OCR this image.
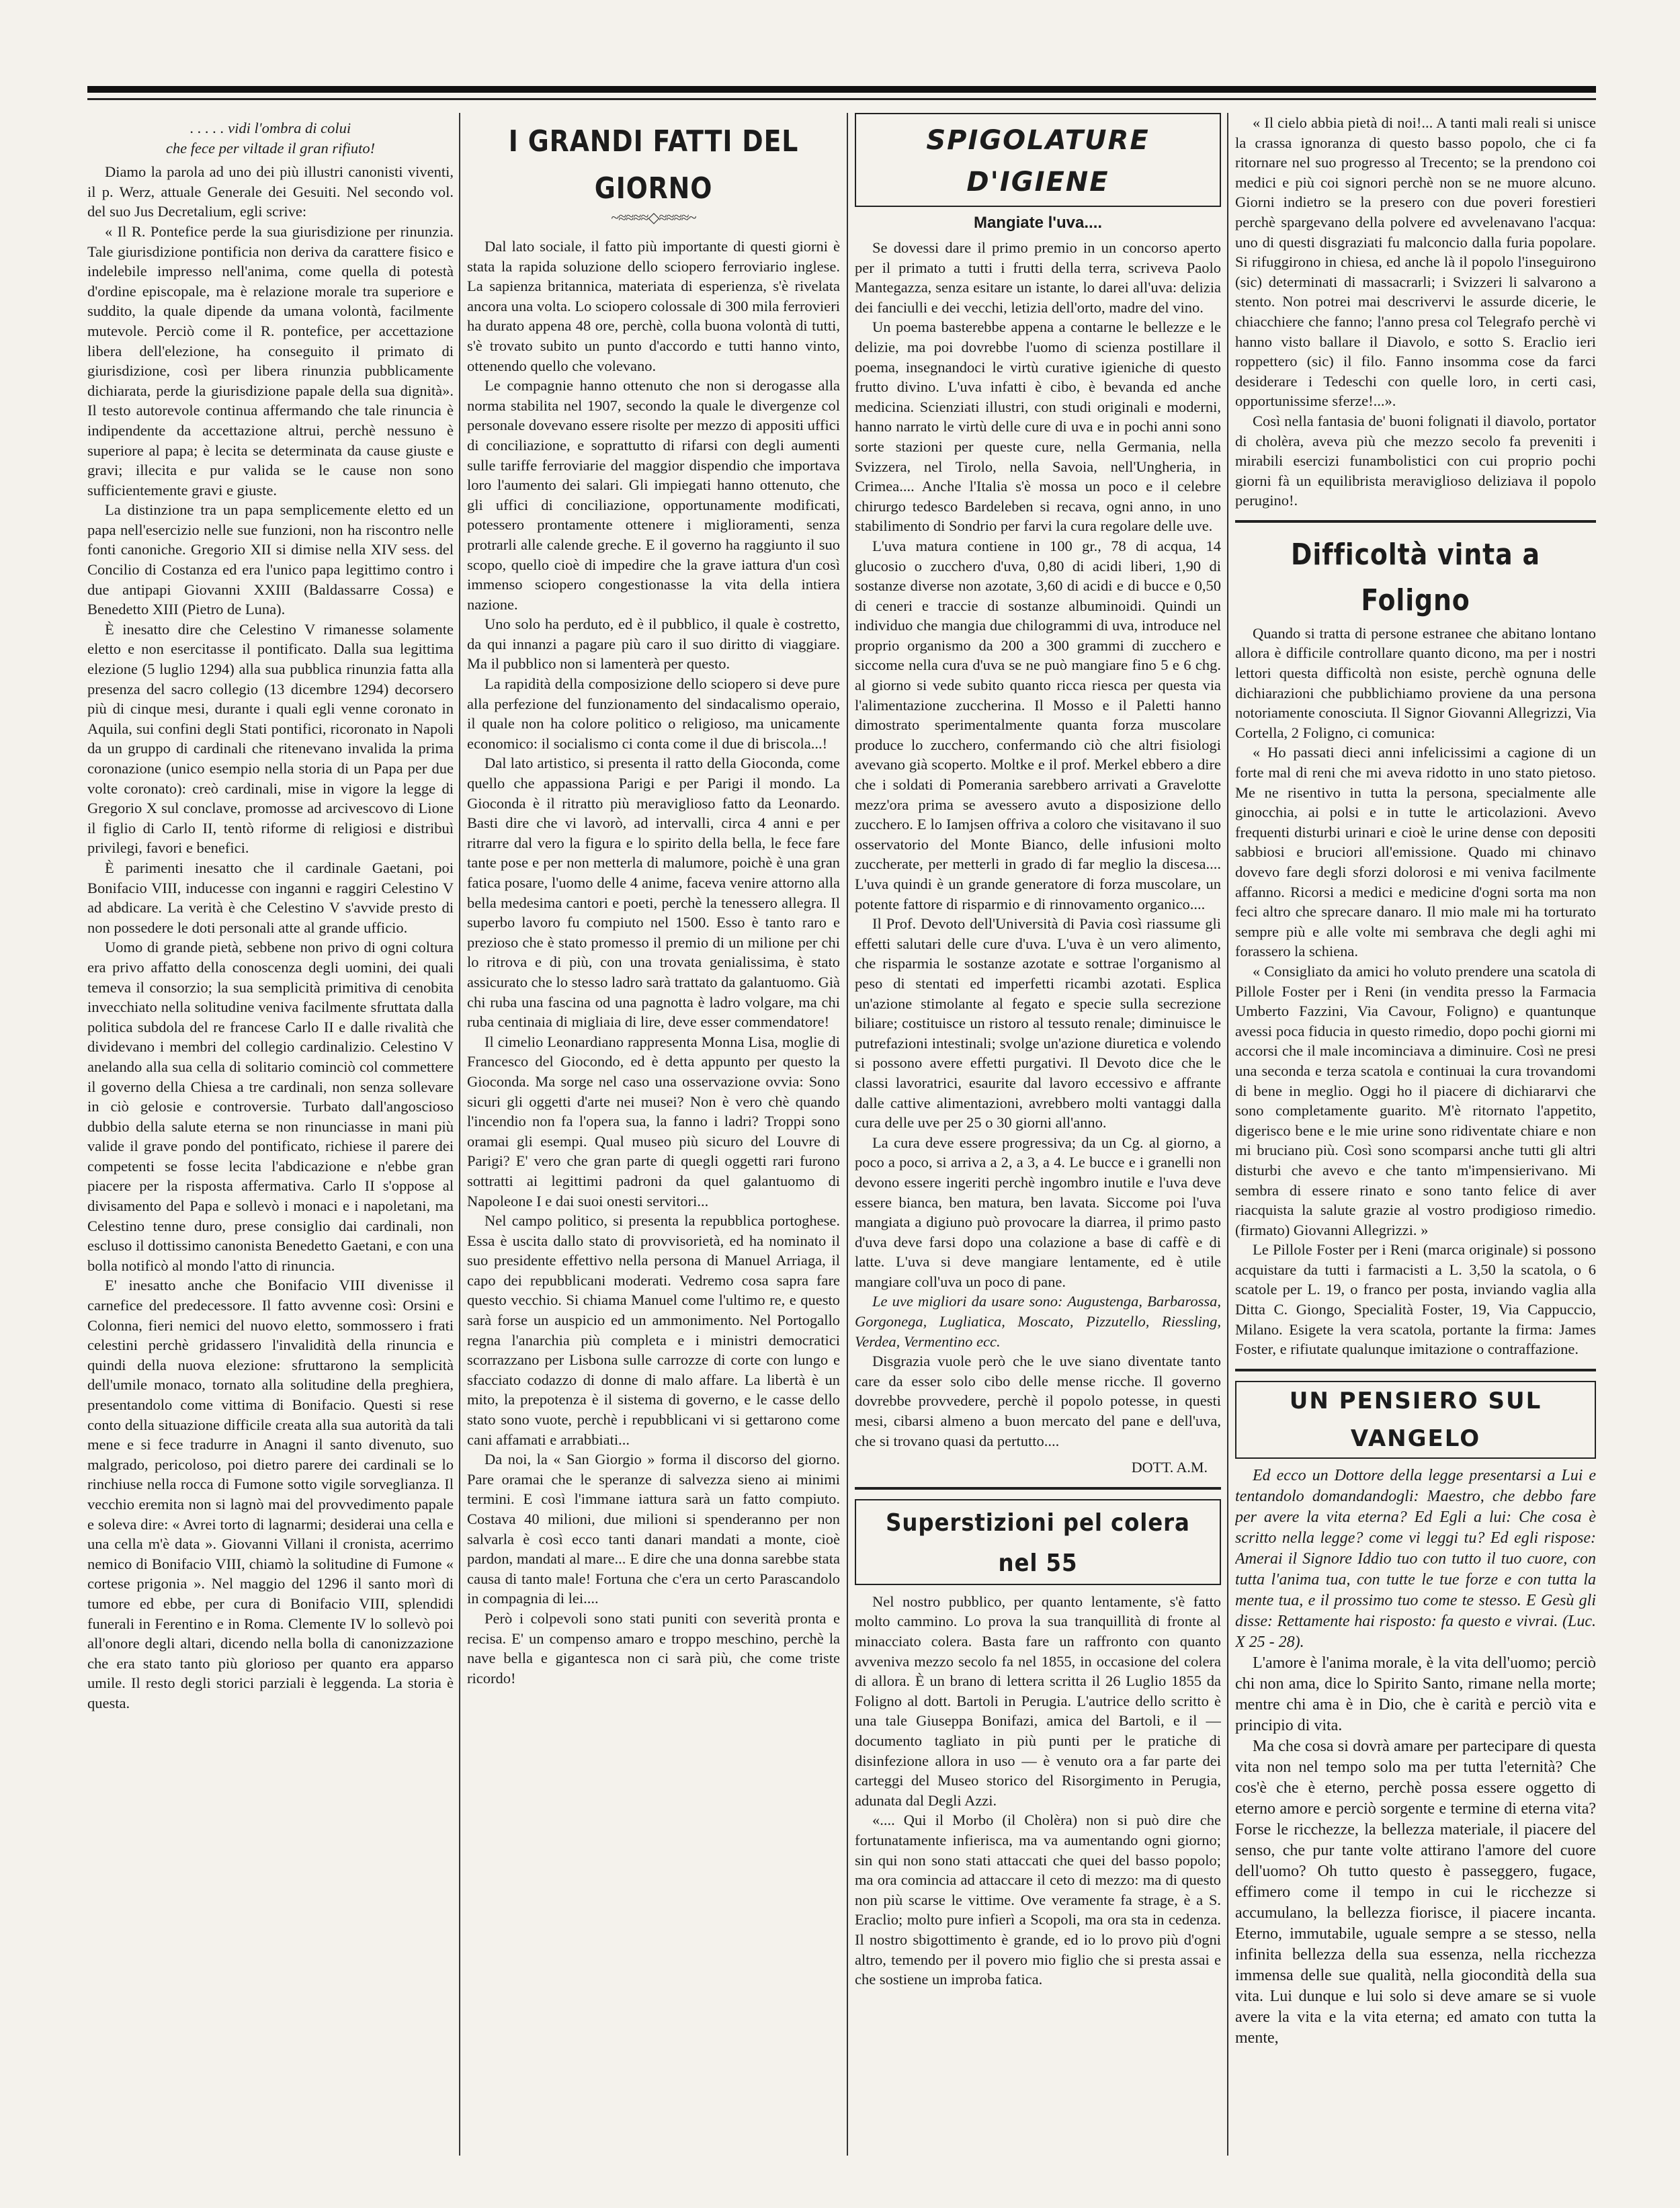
. . . . . vidi l'ombra di colui

che fece per viltade il gran rifiuto!

Diamo la parola ad uno dei più illustri canonisti viventi, il p. Werz, attuale Generale dei Gesuiti. Nel secondo vol. del suo Jus Decretalium, egli scrive:

« Il R. Pontefice perde la sua giurisdizione per rinunzia. Tale giurisdizione pontificia non deriva da carattere fisico e indelebile impresso nell'anima, come quella di potestà d'ordine episcopale, ma è relazione morale tra superiore e suddito, la quale dipende da umana volontà, facilmente mutevole. Perciò come il R. pontefice, per accettazione libera dell'elezione, ha conseguito il primato di giurisdizione, così per libera rinunzia pubblicamente dichiarata, perde la giurisdizione papale della sua dignità». Il testo autorevole continua affermando che tale rinuncia è indipendente da accettazione altrui, perchè nessuno è superiore al papa; è lecita se determinata da cause giuste e gravi; illecita e pur valida se le cause non sono sufficientemente gravi e giuste.

La distinzione tra un papa semplicemente eletto ed un papa nell'esercizio nelle sue funzioni, non ha riscontro nelle fonti canoniche. Gregorio XII si dimise nella XIV sess. del Concilio di Costanza ed era l'unico papa legittimo contro i due antipapi Giovanni XXIII (Baldassarre Cossa) e Benedetto XIII (Pietro de Luna).

È inesatto dire che Celestino V rimanesse solamente eletto e non esercitasse il pontificato. Dalla sua legittima elezione (5 luglio 1294) alla sua pubblica rinunzia fatta alla presenza del sacro collegio (13 dicembre 1294) decorsero più di cinque mesi, durante i quali egli venne coronato in Aquila, sui confini degli Stati pontifici, ricoronato in Napoli da un gruppo di cardinali che ritenevano invalida la prima coronazione (unico esempio nella storia di un Papa per due volte coronato): creò cardinali, mise in vigore la legge di Gregorio X sul conclave, promosse ad arcivescovo di Lione il figlio di Carlo II, tentò riforme di religiosi e distribuì privilegi, favori e benefici.

È parimenti inesatto che il cardinale Gaetani, poi Bonifacio VIII, inducesse con inganni e raggiri Celestino V ad abdicare. La verità è che Celestino V s'avvide presto di non possedere le doti personali atte al grande ufficio.

Uomo di grande pietà, sebbene non privo di ogni coltura era privo affatto della conoscenza degli uomini, dei quali temeva il consorzio; la sua semplicità primitiva di cenobita invecchiato nella solitudine veniva facilmente sfruttata dalla politica subdola del re francese Carlo II e dalle rivalità che dividevano i membri del collegio cardinalizio. Celestino V anelando alla sua cella di solitario cominciò col commettere il governo della Chiesa a tre cardinali, non senza sollevare in ciò gelosie e controversie. Turbato dall'angoscioso dubbio della salute eterna se non rinunciasse in mani più valide il grave pondo del pontificato, richiese il parere dei competenti se fosse lecita l'abdicazione e n'ebbe gran piacere per la risposta affermativa. Carlo II s'oppose al divisamento del Papa e sollevò i monaci e i napoletani, ma Celestino tenne duro, prese consiglio dai cardinali, non escluso il dottissimo canonista Benedetto Gaetani, e con una bolla notificò al mondo l'atto di rinuncia.

E' inesatto anche che Bonifacio VIII divenisse il carnefice del predecessore. Il fatto avvenne così: Orsini e Colonna, fieri nemici del nuovo eletto, sommossero i frati celestini perchè gridassero l'invalidità della rinuncia e quindi della nuova elezione: sfruttarono la semplicità dell'umile monaco, tornato alla solitudine della preghiera, presentandolo come vittima di Bonifacio. Questi si rese conto della situazione difficile creata alla sua autorità da tali mene e si fece tradurre in Anagni il santo divenuto, suo malgrado, pericoloso, poi dietro parere dei cardinali se lo rinchiuse nella rocca di Fumone sotto vigile sorveglianza. Il vecchio eremita non si lagnò mai del provvedimento papale e soleva dire: « Avrei torto di lagnarmi; desiderai una cella e una cella m'è data ». Giovanni Villani il cronista, acerrimo nemico di Bonifacio VIII, chiamò la solitudine di Fumone « cortese prigonia ». Nel maggio del 1296 il santo morì di tumore ed ebbe, per cura di Bonifacio VIII, splendidi funerali in Ferentino e in Roma. Clemente IV lo sollevò poi all'onore degli altari, dicendo nella bolla di canonizzazione che era stato tanto più glorioso per quanto era apparso umile. Il resto degli storici parziali è leggenda. La storia è questa.

I GRANDI FATTI DEL GIORNO
~≈≈≈≈◇≈≈≈≈~

Dal lato sociale, il fatto più importante di questi giorni è stata la rapida soluzione dello sciopero ferroviario inglese. La sapienza britannica, materiata di esperienza, s'è rivelata ancora una volta. Lo sciopero colossale di 300 mila ferrovieri ha durato appena 48 ore, perchè, colla buona volontà di tutti, s'è trovato subito un punto d'accordo e tutti hanno vinto, ottenendo quello che volevano.

Le compagnie hanno ottenuto che non si derogasse alla norma stabilita nel 1907, secondo la quale le divergenze col personale dovevano essere risolte per mezzo di appositi uffici di conciliazione, e soprattutto di rifarsi con degli aumenti sulle tariffe ferroviarie del maggior dispendio che importava loro l'aumento dei salari. Gli impiegati hanno ottenuto, che gli uffici di conciliazione, opportunamente modificati, potessero prontamente ottenere i miglioramenti, senza protrarli alle calende greche. E il governo ha raggiunto il suo scopo, quello cioè di impedire che la grave iattura d'un così immenso sciopero congestionasse la vita della intiera nazione.

Uno solo ha perduto, ed è il pubblico, il quale è costretto, da qui innanzi a pagare più caro il suo diritto di viaggiare. Ma il pubblico non si lamenterà per questo.

La rapidità della composizione dello sciopero si deve pure alla perfezione del funzionamento del sindacalismo operaio, il quale non ha colore politico o religioso, ma unicamente economico: il socialismo ci conta come il due di briscola...!

Dal lato artistico, si presenta il ratto della Gioconda, come quello che appassiona Parigi e per Parigi il mondo. La Gioconda è il ritratto più meraviglioso fatto da Leonardo. Basti dire che vi lavorò, ad intervalli, circa 4 anni e per ritrarre dal vero la figura e lo spirito della bella, le fece fare tante pose e per non metterla di malumore, poichè è una gran fatica posare, l'uomo delle 4 anime, faceva venire attorno alla bella medesima cantori e poeti, perchè la tenessero allegra. Il superbo lavoro fu compiuto nel 1500. Esso è tanto raro e prezioso che è stato promesso il premio di un milione per chi lo ritrova e di più, con una trovata genialissima, è stato assicurato che lo stesso ladro sarà trattato da galantuomo. Già chi ruba una fascina od una pagnotta è ladro volgare, ma chi ruba centinaia di migliaia di lire, deve esser commendatore!

Il cimelio Leonardiano rappresenta Monna Lisa, moglie di Francesco del Giocondo, ed è detta appunto per questo la Gioconda. Ma sorge nel caso una osservazione ovvia: Sono sicuri gli oggetti d'arte nei musei? Non è vero chè quando l'incendio non fa l'opera sua, la fanno i ladri? Troppi sono oramai gli esempi. Qual museo più sicuro del Louvre di Parigi? E' vero che gran parte di quegli oggetti rari furono sottratti ai legittimi padroni da quel galantuomo di Napoleone I e dai suoi onesti servitori...

Nel campo politico, si presenta la repubblica portoghese. Essa è uscita dallo stato di provvisorietà, ed ha nominato il suo presidente effettivo nella persona di Manuel Arriaga, il capo dei repubblicani moderati. Vedremo cosa sapra fare questo vecchio. Si chiama Manuel come l'ultimo re, e questo sarà forse un auspicio ed un ammonimento. Nel Portogallo regna l'anarchia più completa e i ministri democratici scorrazzano per Lisbona sulle carrozze di corte con lungo e sfacciato codazzo di donne di malo affare. La libertà è un mito, la prepotenza è il sistema di governo, e le casse dello stato sono vuote, perchè i repubblicani vi si gettarono come cani affamati e arrabbiati...

Da noi, la « San Giorgio » forma il discorso del giorno. Pare oramai che le speranze di salvezza sieno ai minimi termini. E così l'immane iattura sarà un fatto compiuto. Costava 40 milioni, due milioni si spenderanno per non salvarla è così ecco tanti danari mandati a monte, cioè pardon, mandati al mare... E dire che una donna sarebbe stata causa di tanto male! Fortuna che c'era un certo Parascandolo in compagnia di lei....

Però i colpevoli sono stati puniti con severità pronta e recisa. E' un compenso amaro e troppo meschino, perchè la nave bella e gigantesca non ci sarà più, che come triste ricordo!

SPIGOLATURE D'IGIENE
Mangiate l'uva....

Se dovessi dare il primo premio in un concorso aperto per il primato a tutti i frutti della terra, scriveva Paolo Mantegazza, senza esitare un istante, lo darei all'uva: delizia dei fanciulli e dei vecchi, letizia dell'orto, madre del vino.

Un poema basterebbe appena a contarne le bellezze e le delizie, ma poi dovrebbe l'uomo di scienza postillare il poema, insegnandoci le virtù curative igieniche di questo frutto divino. L'uva infatti è cibo, è bevanda ed anche medicina. Scienziati illustri, con studi originali e moderni, hanno narrato le virtù delle cure di uva e in pochi anni sono sorte stazioni per queste cure, nella Germania, nella Svizzera, nel Tirolo, nella Savoia, nell'Ungheria, in Crimea.... Anche l'Italia s'è mossa un poco e il celebre chirurgo tedesco Bardeleben si recava, ogni anno, in uno stabilimento di Sondrio per farvi la cura regolare delle uve.

L'uva matura contiene in 100 gr., 78 di acqua, 14 glucosio o zucchero d'uva, 0,80 di acidi liberi, 1,90 di sostanze diverse non azotate, 3,60 di acidi e di bucce e 0,50 di ceneri e traccie di sostanze albuminoidi. Quindi un individuo che mangia due chilogrammi di uva, introduce nel proprio organismo da 200 a 300 grammi di zucchero e siccome nella cura d'uva se ne può mangiare fino 5 e 6 chg. al giorno si vede subito quanto ricca riesca per questa via l'alimentazione zuccherina. Il Mosso e il Paletti hanno dimostrato sperimentalmente quanta forza muscolare produce lo zucchero, confermando ciò che altri fisiologi avevano già scoperto. Moltke e il prof. Merkel ebbero a dire che i soldati di Pomerania sarebbero arrivati a Gravelotte mezz'ora prima se avessero avuto a disposizione dello zucchero. E lo Iamjsen offriva a coloro che visitavano il suo osservatorio del Monte Bianco, delle infusioni molto zuccherate, per metterli in grado di far meglio la discesa.... L'uva quindi è un grande generatore di forza muscolare, un potente fattore di risparmio e di rinnovamento organico....

Il Prof. Devoto dell'Università di Pavia così riassume gli effetti salutari delle cure d'uva. L'uva è un vero alimento, che risparmia le sostanze azotate e sottrae l'organismo al peso di stentati ed imperfetti ricambi azotati. Esplica un'azione stimolante al fegato e specie sulla secrezione biliare; costituisce un ristoro al tessuto renale; diminuisce le putrefazioni intestinali; svolge un'azione diuretica e volendo si possono avere effetti purgativi. Il Devoto dice che le classi lavoratrici, esaurite dal lavoro eccessivo e affrante dalle cattive alimentazioni, avrebbero molti vantaggi dalla cura delle uve per 25 o 30 giorni all'anno.

La cura deve essere progressiva; da un Cg. al giorno, a poco a poco, si arriva a 2, a 3, a 4. Le bucce e i granelli non devono essere ingeriti perchè ingombro inutile e l'uva deve essere bianca, ben matura, ben lavata. Siccome poi l'uva mangiata a digiuno può provocare la diarrea, il primo pasto d'uva deve farsi dopo una colazione a base di caffè e di latte. L'uva si deve mangiare lentamente, ed è utile mangiare coll'uva un poco di pane.

Le uve migliori da usare sono: Augustenga, Barbarossa, Gorgonega, Lugliatica, Moscato, Pizzutello, Riessling, Verdea, Vermentino ecc.

Disgrazia vuole però che le uve siano diventate tanto care da esser solo cibo delle mense ricche. Il governo dovrebbe provvedere, perchè il popolo potesse, in questi mesi, cibarsi almeno a buon mercato del pane e dell'uva, che si trovano quasi da pertutto....

DOTT. A.M.

Superstizioni pel colera nel 55

Nel nostro pubblico, per quanto lentamente, s'è fatto molto cammino. Lo prova la sua tranquillità di fronte al minacciato colera. Basta fare un raffronto con quanto avveniva mezzo secolo fa nel 1855, in occasione del colera di allora. È un brano di lettera scritta il 26 Luglio 1855 da Foligno al dott. Bartoli in Perugia. L'autrice dello scritto è una tale Giuseppa Bonifazi, amica del Bartoli, e il — documento tagliato in più punti per le pratiche di disinfezione allora in uso — è venuto ora a far parte dei carteggi del Museo storico del Risorgimento in Perugia, adunata dal Degli Azzi.

«.... Qui il Morbo (il Cholèra) non si può dire che fortunatamente infierisca, ma va aumentando ogni giorno; sin qui non sono stati attaccati che quei del basso popolo; ma ora comincia ad attaccare il ceto di mezzo: ma di questo non più scarse le vittime. Ove veramente fa strage, è a S. Eraclio; molto pure infierì a Scopoli, ma ora sta in cedenza. Il nostro sbigottimento è grande, ed io lo provo più d'ogni altro, temendo per il povero mio figlio che si presta assai e che sostiene un improba fatica.

« Il cielo abbia pietà di noi!... A tanti mali reali si unisce la crassa ignoranza di questo basso popolo, che ci fa ritornare nel suo progresso al Trecento; se la prendono coi medici e più coi signori perchè non se ne muore alcuno. Giorni indietro se la presero con due poveri forestieri perchè spargevano della polvere ed avvelenavano l'acqua: uno di questi disgraziati fu malconcio dalla furia popolare. Si rifuggirono in chiesa, ed anche là il popolo l'inseguirono (sic) determinati di massacrarli; i Svizzeri li salvarono a stento. Non potrei mai descrivervi le assurde dicerie, le chiacchiere che fanno; l'anno presa col Telegrafo perchè vi hanno visto ballare il Diavolo, e sotto S. Eraclio ieri roppettero (sic) il filo. Fanno insomma cose da farci desiderare i Tedeschi con quelle loro, in certi casi, opportunissime sferze!...».

Così nella fantasia de' buoni folignati il diavolo, portator di cholèra, aveva più che mezzo secolo fa preveniti i mirabili esercizi funambolistici con cui proprio pochi giorni fà un equilibrista meraviglioso deliziava il popolo perugino!.

Difficoltà vinta a Foligno

Quando si tratta di persone estranee che abitano lontano allora è difficile controllare quanto dicono, ma per i nostri lettori questa difficoltà non esiste, perchè ognuna delle dichiarazioni che pubblichiamo proviene da una persona notoriamente conosciuta. Il Signor Giovanni Allegrizzi, Via Cortella, 2 Foligno, ci comunica:

« Ho passati dieci anni infelicissimi a cagione di un forte mal di reni che mi aveva ridotto in uno stato pietoso. Me ne risentivo in tutta la persona, specialmente alle ginocchia, ai polsi e in tutte le articolazioni. Avevo frequenti disturbi urinari e cioè le urine dense con depositi sabbiosi e bruciori all'emissione. Quado mi chinavo dovevo fare degli sforzi dolorosi e mi veniva facilmente affanno. Ricorsi a medici e medicine d'ogni sorta ma non feci altro che sprecare danaro. Il mio male mi ha torturato sempre più e alle volte mi sembrava che degli aghi mi forassero la schiena.

« Consigliato da amici ho voluto prendere una scatola di Pillole Foster per i Reni (in vendita presso la Farmacia Umberto Fazzini, Via Cavour, Foligno) e quantunque avessi poca fiducia in questo rimedio, dopo pochi giorni mi accorsi che il male incominciava a diminuire. Così ne presi una seconda e terza scatola e continuai la cura trovandomi di bene in meglio. Oggi ho il piacere di dichiararvi che sono completamente guarito. M'è ritornato l'appetito, digerisco bene e le mie urine sono ridiventate chiare e non mi bruciano più. Così sono scomparsi anche tutti gli altri disturbi che avevo e che tanto m'impensierivano. Mi sembra di essere rinato e sono tanto felice di aver riacquista la salute grazie al vostro prodigioso rimedio. (firmato) Giovanni Allegrizzi. »

Le Pillole Foster per i Reni (marca originale) si possono acquistare da tutti i farmacisti a L. 3,50 la scatola, o 6 scatole per L. 19, o franco per posta, inviando vaglia alla Ditta C. Giongo, Specialità Foster, 19, Via Cappuccio, Milano. Esigete la vera scatola, portante la firma: James Foster, e rifiutate qualunque imitazione o contraffazione.

UN PENSIERO SUL VANGELO

Ed ecco un Dottore della legge presentarsi a Lui e tentandolo domandandogli: Maestro, che debbo fare per avere la vita eterna? Ed Egli a lui: Che cosa è scritto nella legge? come vi leggi tu? Ed egli rispose: Amerai il Signore Iddio tuo con tutto il tuo cuore, con tutta l'anima tua, con tutte le tue forze e con tutta la mente tua, e il prossimo tuo come te stesso. E Gesù gli disse: Rettamente hai risposto: fa questo e vivrai. (Luc. X 25 - 28).

L'amore è l'anima morale, è la vita dell'uomo; perciò chi non ama, dice lo Spirito Santo, rimane nella morte; mentre chi ama è in Dio, che è carità e perciò vita e principio di vita.

Ma che cosa si dovrà amare per partecipare di questa vita non nel tempo solo ma per tutta l'eternità? Che cos'è che è eterno, perchè possa essere oggetto di eterno amore e perciò sorgente e termine di eterna vita? Forse le ricchezze, la bellezza materiale, il piacere del senso, che pur tante volte attirano l'amore del cuore dell'uomo? Oh tutto questo è passeggero, fugace, effimero come il tempo in cui le ricchezze si accumulano, la bellezza fiorisce, il piacere incanta. Eterno, immutabile, uguale sempre a se stesso, nella infinita bellezza della sua essenza, nella ricchezza immensa delle sue qualità, nella giocondità della sua vita. Lui dunque e lui solo si deve amare se si vuole avere la vita e la vita eterna; ed amato con tutta la mente,
